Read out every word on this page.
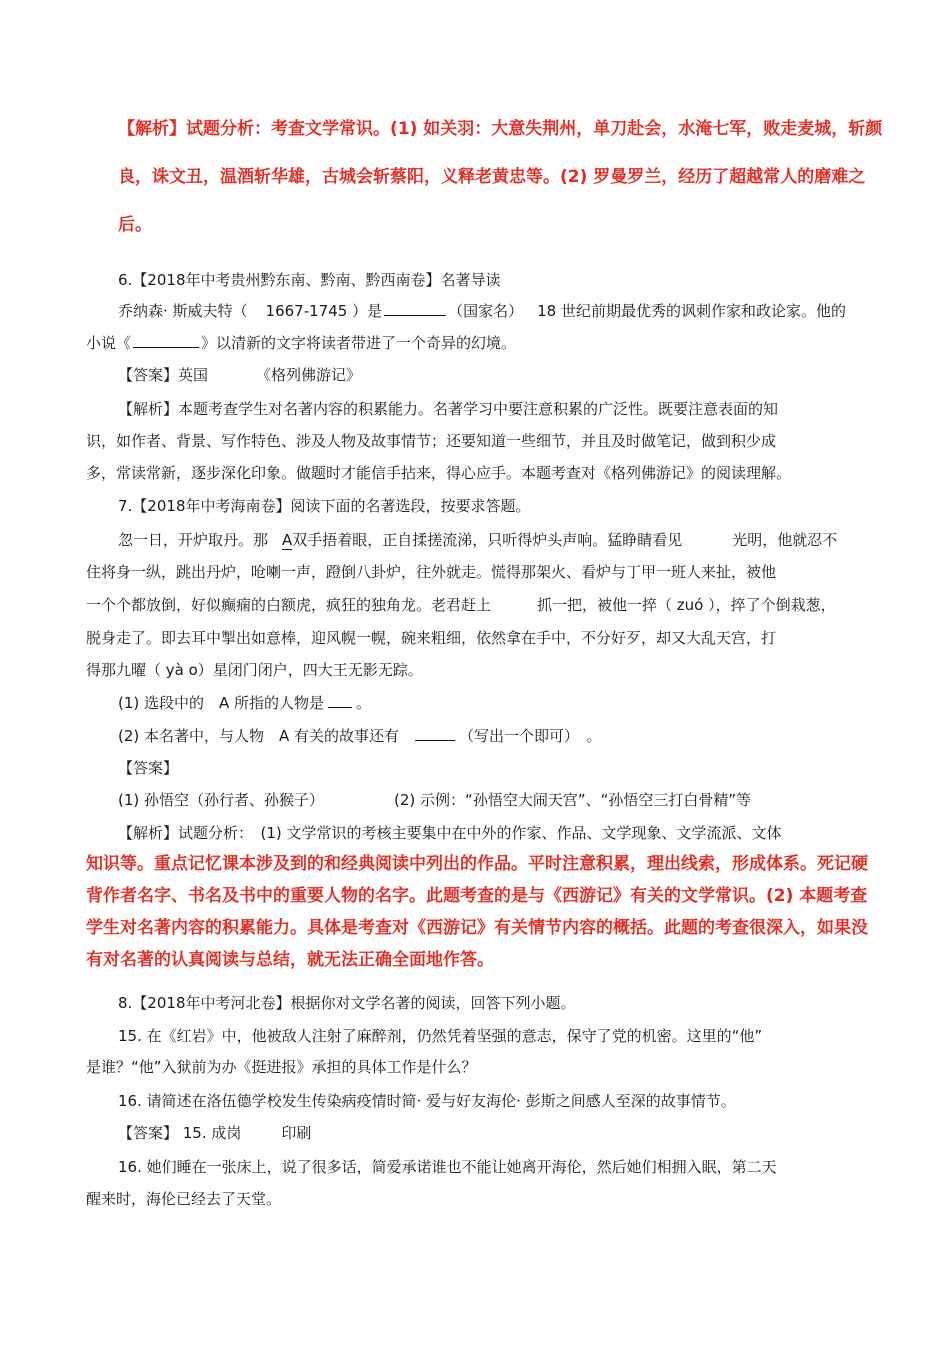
【解析】试题分析：考查文学常识。(1) 如关羽：大意失荆州，单刀赴会，水淹七军，败走麦城，斩颜
良，诛文丑，温酒斩华雄，古城会斩蔡阳，义释老黄忠等。(2) 罗曼罗兰，经历了超越常人的磨难之
后。
6.【2018年中考贵州黔东南、黔南、黔西南卷】名著导读
乔纳森· 斯威夫特（ 1667-1745 ）是	（国家名） 18 世纪前期最优秀的讽刺作家和政论家。他的
小说《	》以清新的文字将读者带进了一个奇异的幻境。
【答案】英国	《格列佛游记》
【解析】本题考查学生对名著内容的积累能力。名著学习中要注意积累的广泛性。既要注意表面的知
识，如作者、背景、写作特色、涉及人物及故事情节；还要知道一些细节，并且及时做笔记，做到积少成
多，常读常新，逐步深化印象。做题时才能信手拈来，得心应手。本题考查对《格列佛游记》的阅读理解。
7.【2018年中考海南卷】阅读下面的名著选段，按要求答题。
忽一日，开炉取丹。那 A双手捂着眼，正自揉搓流涕，只听得炉头声响。猛睁睛看见	光明，他就忍不
住将身一纵，跳出丹炉，呛喇一声，蹬倒八卦炉，往外就走。慌得那架火、看炉与丁甲一班人来扯，被他
一个个都放倒，好似癫痫的白额虎，疯狂的独角龙。老君赶上	抓一把，被他一捽（ zuó ），捽了个倒栽葱，
脱身走了。即去耳中掣出如意棒，迎风幌一幌，碗来粗细，依然拿在手中，不分好歹，却又大乱天宫，打
得那九曜（ yà o）星闭门闭户，四大王无影无踪。
(1) 选段中的　A 所指的人物是 。
(2) 本名著中，与人物　A 有关的故事还有	（写出一个即可）　。
【答案】
(1) 孙悟空（孙行者、孙猴子）	(2) 示例：“孙悟空大闹天宫”、“孙悟空三打白骨精”等
【解析】试题分析：　(1) 文学常识的考核主要集中在中外的作家、作品、文学现象、文学流派、文体
知识等。重点记忆课本涉及到的和经典阅读中列出的作品。平时注意积累，理出线索，形成体系。死记硬
背作者名字、书名及书中的重要人物的名字。此题考查的是与《西游记》有关的文学常识。(2) 本题考查
学生对名著内容的积累能力。具体是考查对《西游记》有关情节内容的概括。此题的考查很深入，如果没
有对名著的认真阅读与总结，就无法正确全面地作答。
8.【2018年中考河北卷】根据你对文学名著的阅读，回答下列小题。
15. 在《红岩》中，他被敌人注射了麻醉剂，仍然凭着坚强的意志，保守了党的机密。这里的“他”
是谁？“他”入狱前为办《挺进报》承担的具体工作是什么？
16. 请简述在洛伍德学校发生传染病疫情时简· 爱与好友海伦· 彭斯之间感人至深的故事情节。
【答案】 15. 成岗	印刷
16. 她们睡在一张床上，说了很多话，简爱承诺谁也不能让她离开海伦，然后她们相拥入眠，第二天
醒来时，海伦已经去了天堂。
